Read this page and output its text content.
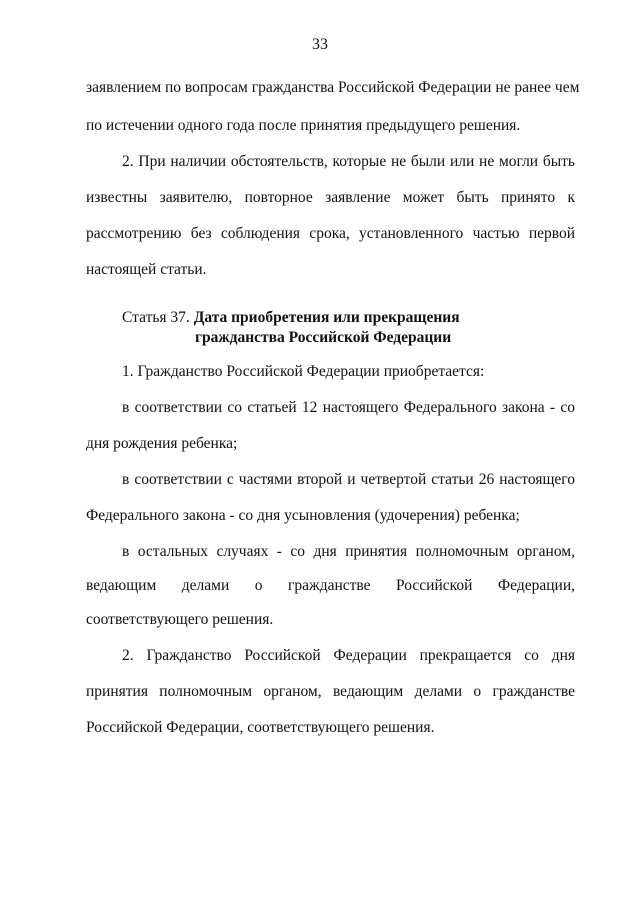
33
заявлением по вопросам гражданства Российской Федерации не ранее чем
по истечении одного года после принятия предыдущего решения.
2. При наличии обстоятельств, которые не были или не могли быть
известны заявителю, повторное заявление может быть принято к
рассмотрению без соблюдения срока, установленного частью первой
настоящей статьи.
Статья 37. Дата приобретения или прекращения
гражданства Российской Федерации
1. Гражданство Российской Федерации приобретается:
в соответствии со статьей 12 настоящего Федерального закона - со
дня рождения ребенка;
в соответствии с частями второй и четвертой статьи 26 настоящего
Федерального закона - со дня усыновления (удочерения) ребенка;
в остальных случаях - со дня принятия полномочным органом,
ведающим делами о гражданстве Российской Федерации,
соответствующего решения.
2. Гражданство Российской Федерации прекращается со дня
принятия полномочным органом, ведающим делами о гражданстве
Российской Федерации, соответствующего решения.
